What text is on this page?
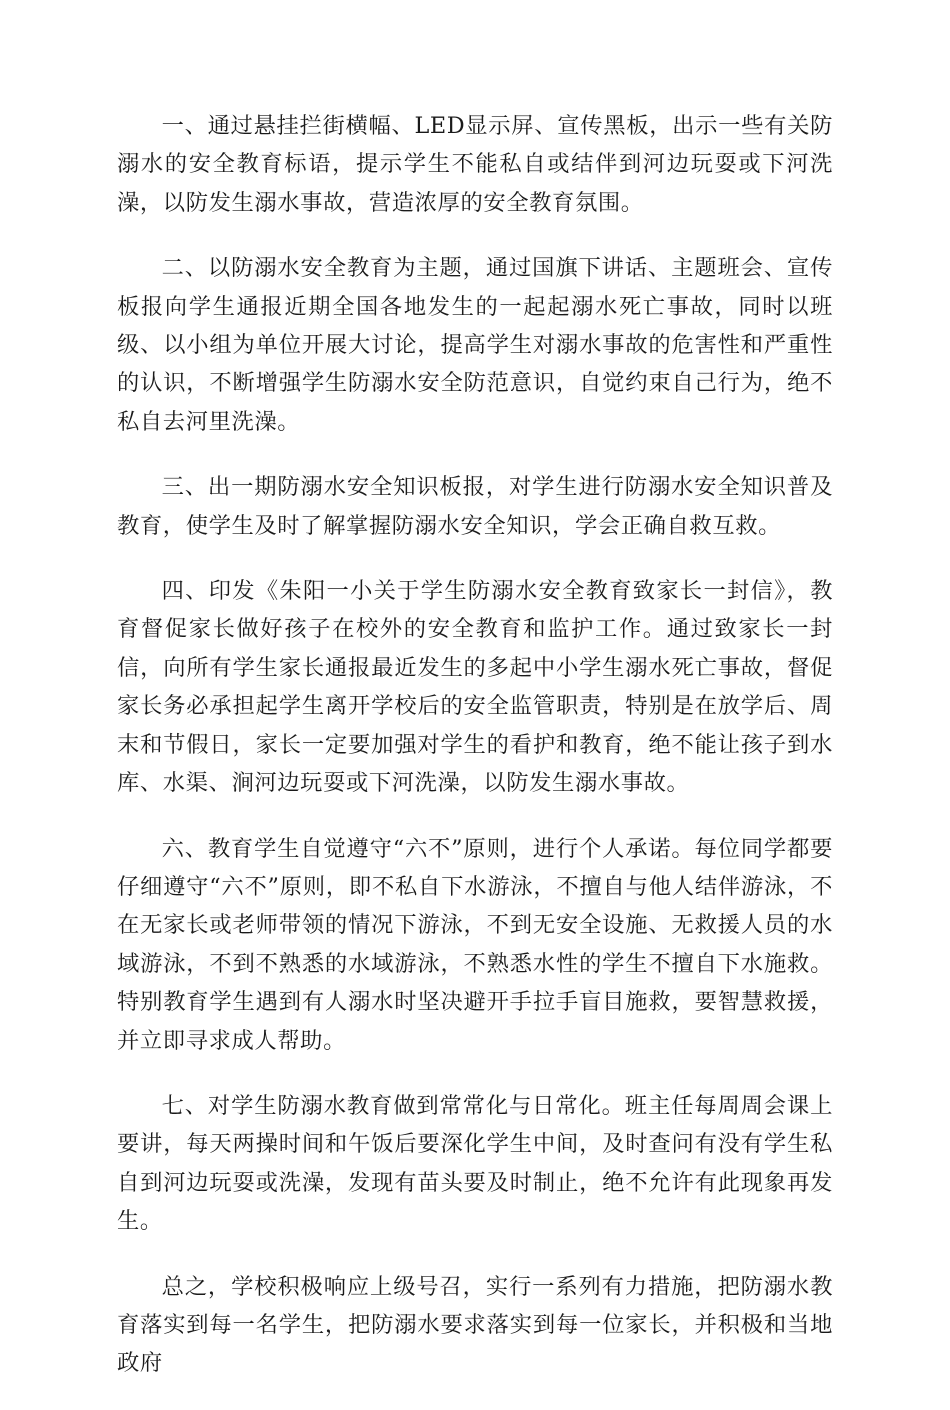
一、通过悬挂拦街横幅、LED显示屏、宣传黑板，出示一些有关防溺水的安全教育标语，提示学生不能私自或结伴到河边玩耍或下河洗澡，以防发生溺水事故，营造浓厚的安全教育氛围。

二、以防溺水安全教育为主题，通过国旗下讲话、主题班会、宣传板报向学生通报近期全国各地发生的一起起溺水死亡事故，同时以班级、以小组为单位开展大讨论，提高学生对溺水事故的危害性和严重性的认识，不断增强学生防溺水安全防范意识，自觉约束自己行为，绝不私自去河里洗澡。

三、出一期防溺水安全知识板报，对学生进行防溺水安全知识普及教育，使学生及时了解掌握防溺水安全知识，学会正确自救互救。

四、印发《朱阳一小关于学生防溺水安全教育致家长一封信》，教育督促家长做好孩子在校外的安全教育和监护工作。通过致家长一封信，向所有学生家长通报最近发生的多起中小学生溺水死亡事故，督促家长务必承担起学生离开学校后的安全监管职责，特别是在放学后、周末和节假日，家长一定要加强对学生的看护和教育，绝不能让孩子到水库、水渠、涧河边玩耍或下河洗澡，以防发生溺水事故。

六、教育学生自觉遵守“六不”原则，进行个人承诺。每位同学都要仔细遵守“六不”原则，即不私自下水游泳，不擅自与他人结伴游泳，不在无家长或老师带领的情况下游泳，不到无安全设施、无救援人员的水域游泳，不到不熟悉的水域游泳，不熟悉水性的学生不擅自下水施救。特别教育学生遇到有人溺水时坚决避开手拉手盲目施救，要智慧救援，并立即寻求成人帮助。

七、对学生防溺水教育做到常常化与日常化。班主任每周周会课上要讲，每天两操时间和午饭后要深化学生中间，及时查问有没有学生私自到河边玩耍或洗澡，发现有苗头要及时制止，绝不允许有此现象再发生。

总之，学校积极响应上级号召，实行一系列有力措施，把防溺水教育落实到每一名学生，把防溺水要求落实到每一位家长，并积极和当地政府
